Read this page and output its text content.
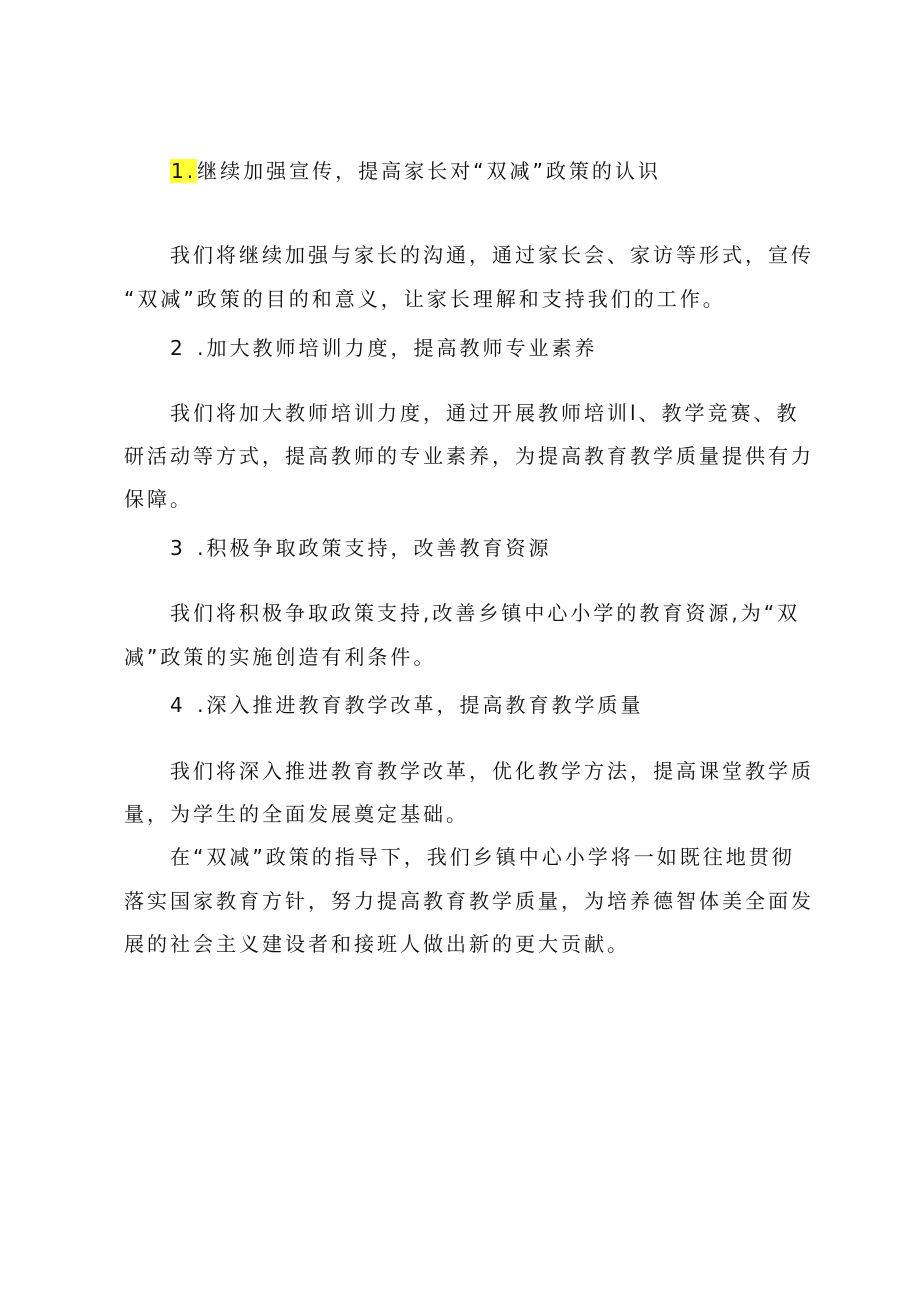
1.继续加强宣传，提高家长对“双减”政策的认识
我们将继续加强与家长的沟通，通过家长会、家访等形式，宣传
“双减”政策的目的和意义，让家长理解和支持我们的工作。
2 .加大教师培训力度，提高教师专业素养
我们将加大教师培训力度，通过开展教师培训l、教学竞赛、教
研活动等方式，提高教师的专业素养，为提高教育教学质量提供有力
保障。
3 .积极争取政策支持，改善教育资源
我们将积极争取政策支持,改善乡镇中心小学的教育资源,为“双
减”政策的实施创造有利条件。
4 .深入推进教育教学改革，提高教育教学质量
我们将深入推进教育教学改革，优化教学方法，提高课堂教学质
量，为学生的全面发展奠定基础。
在“双减”政策的指导下，我们乡镇中心小学将一如既往地贯彻
落实国家教育方针，努力提高教育教学质量，为培养德智体美全面发
展的社会主义建设者和接班人做出新的更大贡献。
